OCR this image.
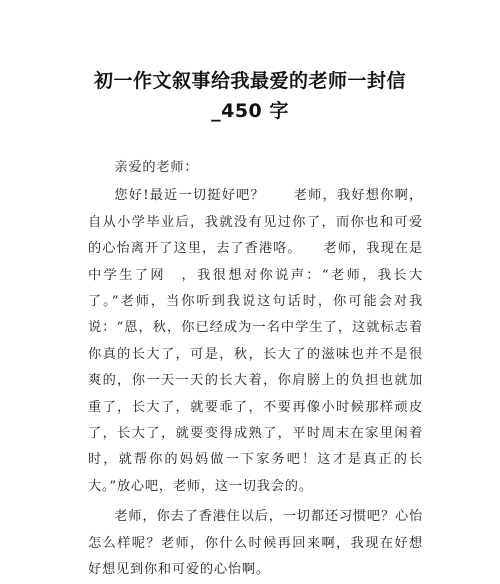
初一作文叙事给我最爱的老师一封信
_450 字

亲爱的老师：

您好!最近一切挺好吧？　　老师，我好想你啊，自从小学毕业后，我就没有见过你了，而你也和可爱的心怡离开了这里，去了香港咯。　　老师，我现在是中学生了网　，我很想对你说声：“老师，我长大了。”老师，当你听到我说这句话时，你可能会对我说：“恩，秋，你已经成为一名中学生了，这就标志着你真的长大了，可是，秋，长大了的滋味也并不是很爽的，你一天一天的长大着，你肩膀上的负担也就加重了，长大了，就要乖了，不要再像小时候那样顽皮了，长大了，就要变得成熟了，平时周末在家里闲着时，就帮你的妈妈做一下家务吧！这才是真正的长大。”放心吧，老师，这一切我会的。

老师，你去了香港住以后，一切都还习惯吧？心怡怎么样呢？老师，你什么时候再回来啊，我现在好想好想见到你和可爱的心怡啊。
